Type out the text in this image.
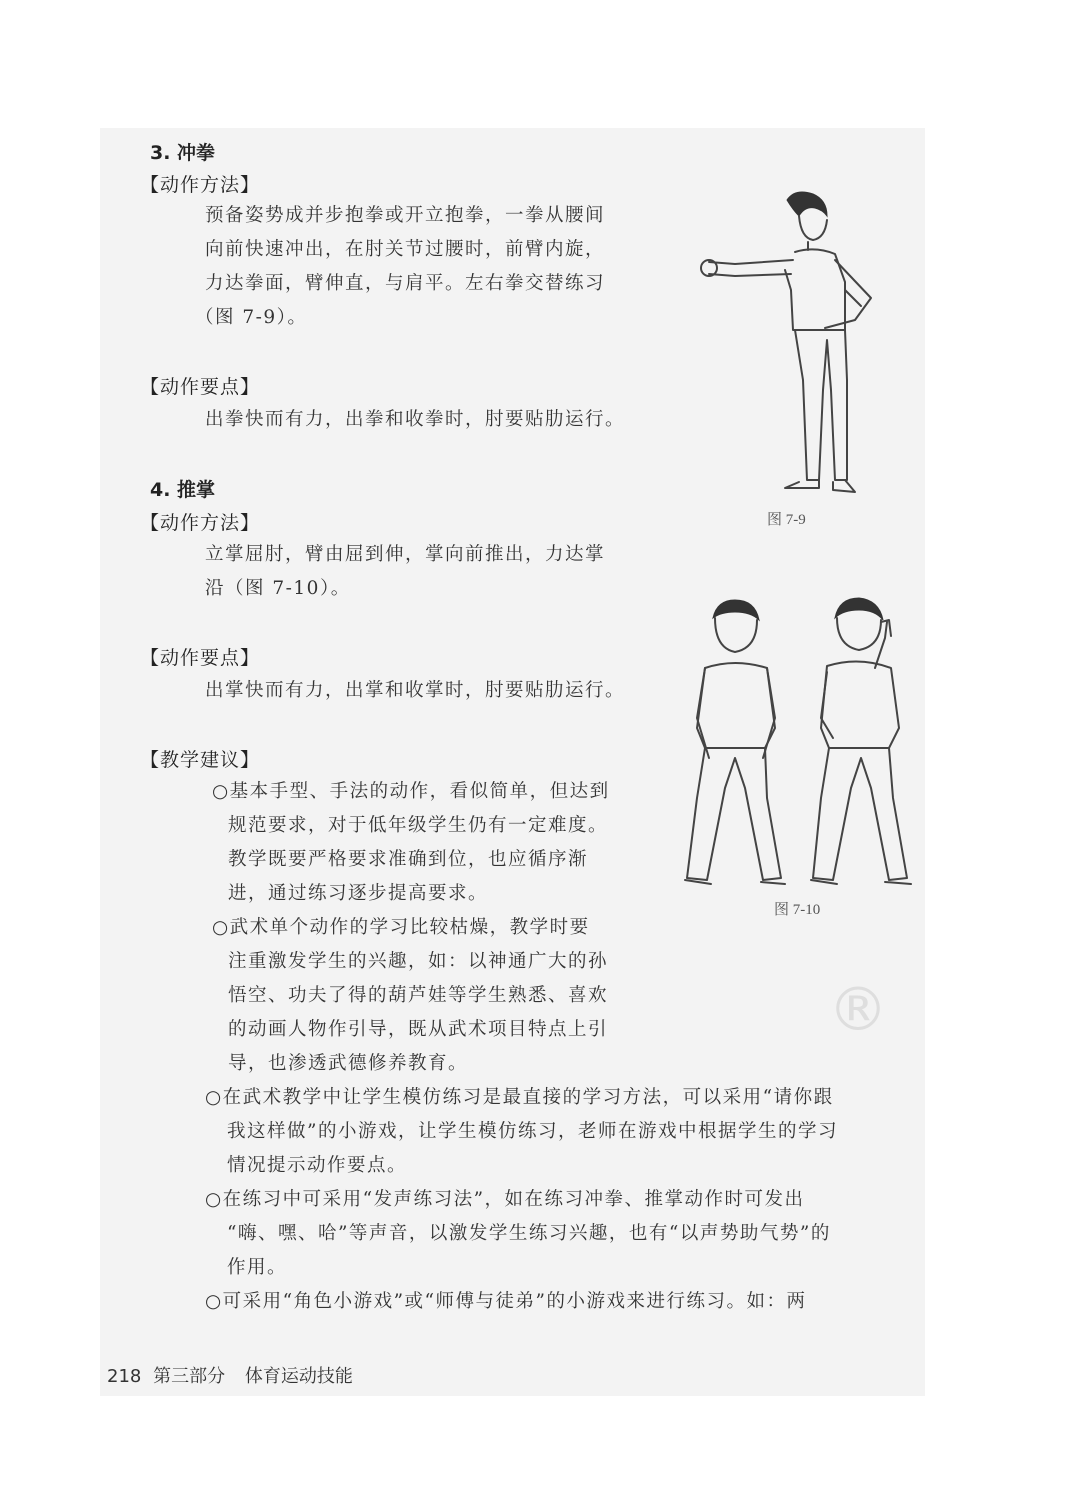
3. 冲拳
【动作方法】

预备姿势成并步抱拳或开立抱拳，一拳从腰间

向前快速冲出，在肘关节过腰时，前臂内旋，

力达拳面，臂伸直，与肩平。左右拳交替练习

（图 7-9）。

【动作要点】

出拳快而有力，出拳和收拳时，肘要贴肋运行。

图 7-9
4. 推掌
【动作方法】

立掌屈肘，臂由屈到伸，掌向前推出，力达掌

沿（图 7-10）。

【动作要点】

出掌快而有力，出掌和收掌时，肘要贴肋运行。

图 7-10
【教学建议】
○基本手型、手法的动作，看似简单，但达到
规范要求，对于低年级学生仍有一定难度。
教学既要严格要求准确到位，也应循序渐
进，通过练习逐步提高要求。
○武术单个动作的学习比较枯燥，教学时要
注重激发学生的兴趣，如：以神通广大的孙
悟空、功夫了得的葫芦娃等学生熟悉、喜欢
的动画人物作引导，既从武术项目特点上引
导，也渗透武德修养教育。
○在武术教学中让学生模仿练习是最直接的学习方法，可以采用“请你跟
我这样做”的小游戏，让学生模仿练习，老师在游戏中根据学生的学习
情况提示动作要点。
○在练习中可采用“发声练习法”，如在练习冲拳、推掌动作时可发出
“嗨、嘿、哈”等声音，以激发学生练习兴趣，也有“以声势助气势”的
作用。
○可采用“角色小游戏”或“师傅与徒弟”的小游戏来进行练习。如：两
®
218 第三部分 体育运动技能
